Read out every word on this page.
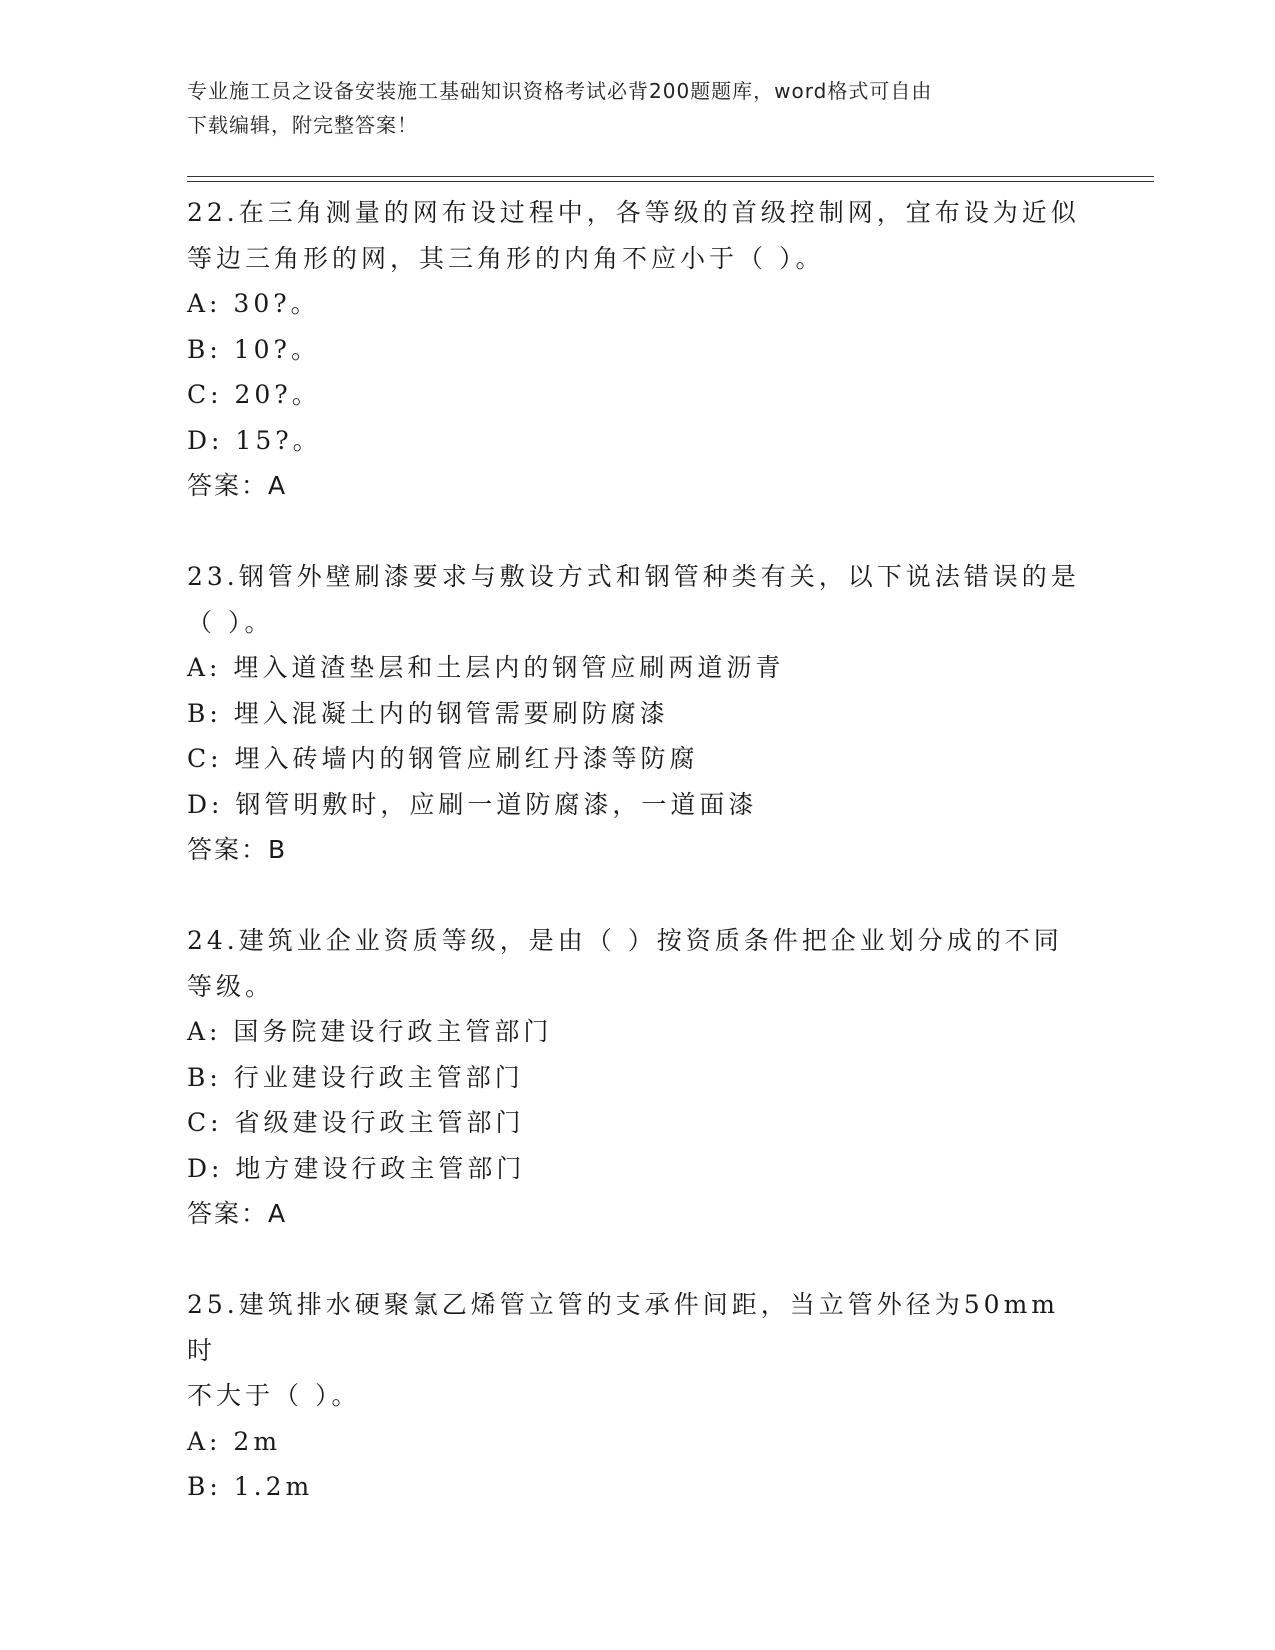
专业施工员之设备安装施工基础知识资格考试必背200题题库，word格式可自由
下载编辑，附完整答案！
22.在三角测量的网布设过程中，各等级的首级控制网，宜布设为近似
等边三角形的网，其三角形的内角不应小于（ ）。
A: 30?。
B: 10?。
C: 20?。
D: 15?。
答案：A
23.钢管外壁刷漆要求与敷设方式和钢管种类有关，以下说法错误的是
（ ）。
A: 埋入道渣垫层和土层内的钢管应刷两道沥青
B: 埋入混凝土内的钢管需要刷防腐漆
C: 埋入砖墙内的钢管应刷红丹漆等防腐
D: 钢管明敷时，应刷一道防腐漆，一道面漆
答案：B
24.建筑业企业资质等级，是由（ ）按资质条件把企业划分成的不同
等级。
A: 国务院建设行政主管部门
B: 行业建设行政主管部门
C: 省级建设行政主管部门
D: 地方建设行政主管部门
答案：A
25.建筑排水硬聚氯乙烯管立管的支承件间距，当立管外径为50mm时
不大于（ ）。
A: 2m
B: 1.2m
